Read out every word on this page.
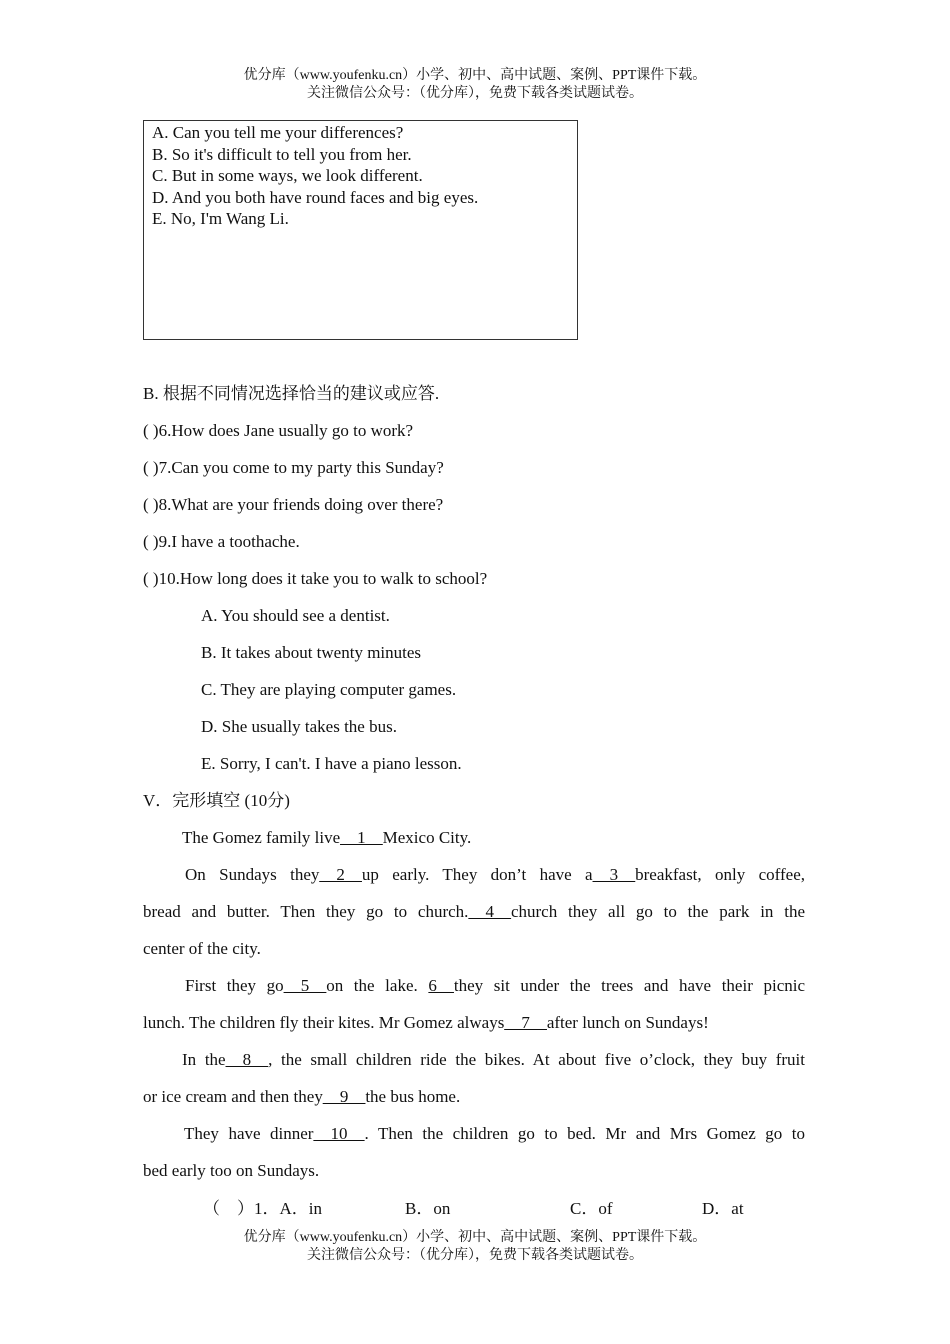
优分库（www.youfenku.cn）小学、初中、高中试题、案例、PPT课件下载。
关注微信公众号：（优分库），免费下载各类试题试卷。
A. Can you tell me your differences?
B. So it's difficult to tell you from her.
C. But in some ways, we look different.
D. And you both have round faces and big eyes.
E. No, I'm Wang Li.
B. 根据不同情况选择恰当的建议或应答.
( )6.How does Jane usually go to work?
( )7.Can you come to my party this Sunday?
( )8.What are your friends doing over there?
( )9.I have a toothache.
( )10.How long does it take you to walk to school?
A. You should see a dentist.
B. It takes about twenty minutes
C. They are playing computer games.
D. She usually takes the bus.
E. Sorry, I can't. I have a piano lesson.
V．完形填空 (10分)
The Gomez family live__1__Mexico City.
On Sundays they__2__up early. They don’t have a__3__breakfast, only coffee,
bread and butter. Then they go to church.__4__church they all go to the park in the
center of the city.
First they go__5__on the lake. 6__they sit under the trees and have their picnic
lunch. The children fly their kites. Mr Gomez always__7__after lunch on Sundays!
In the__8__, the small children ride the bikes. At about five o’clock, they buy fruit
or ice cream and then they__9__the bus home.
They have dinner__10__. Then the children go to bed. Mr and Mrs Gomez go to
bed early too on Sundays.
（　）1．A．in	B．on	C．of	D．at
优分库（www.youfenku.cn）小学、初中、高中试题、案例、PPT课件下载。
关注微信公众号：（优分库），免费下载各类试题试卷。
